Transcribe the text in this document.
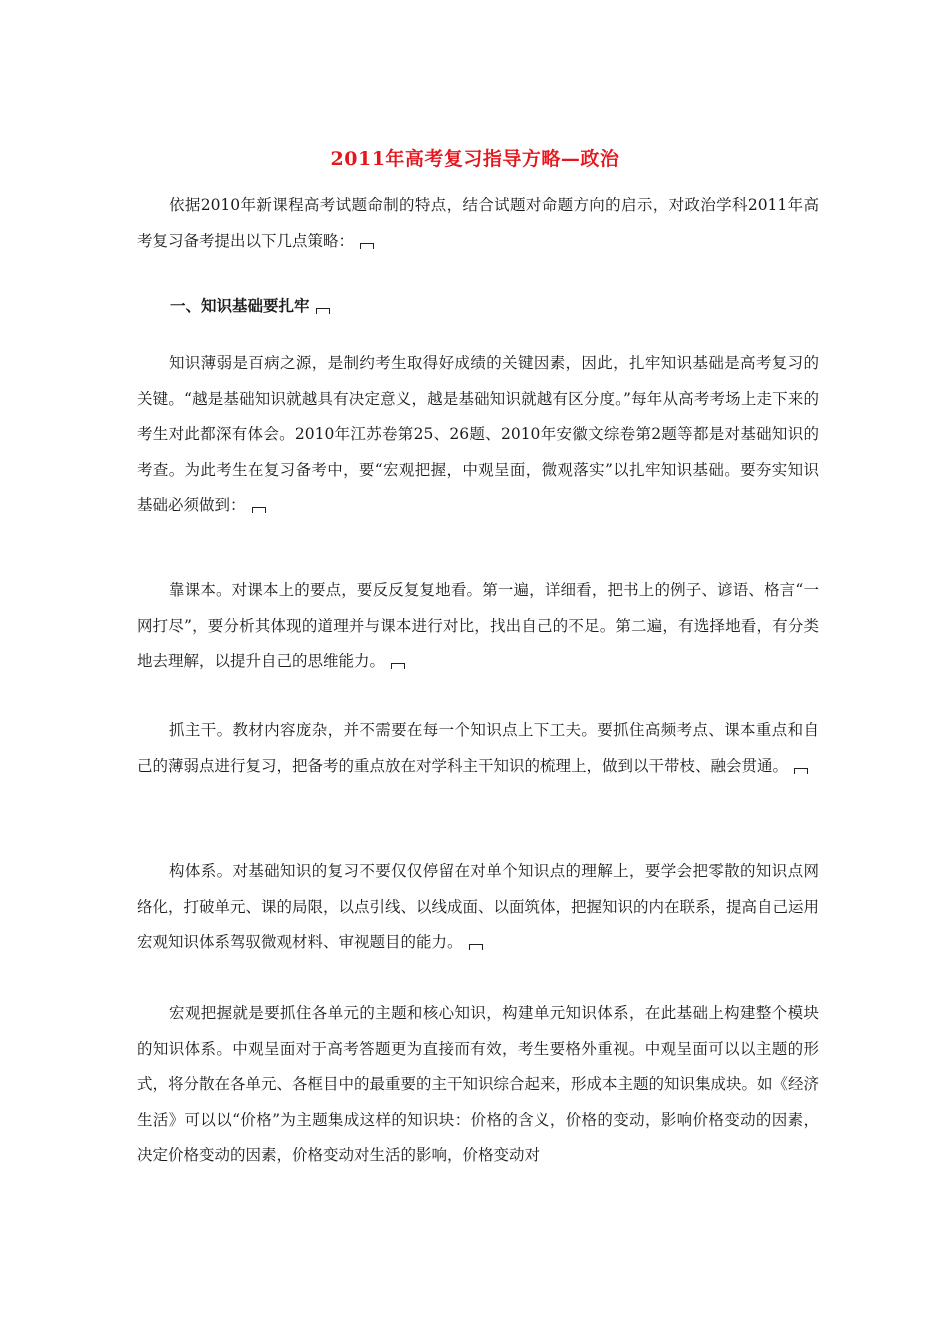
2011年高考复习指导方略—政治

依据2010年新课程高考试题命制的特点，结合试题对命题方向的启示，对政治学科2011年高考复习备考提出以下几点策略：

一、知识基础要扎牢

知识薄弱是百病之源，是制约考生取得好成绩的关键因素，因此，扎牢知识基础是高考复习的关键。“越是基础知识就越具有决定意义，越是基础知识就越有区分度。”每年从高考考场上走下来的考生对此都深有体会。2010年江苏卷第25、26题、2010年安徽文综卷第2题等都是对基础知识的考查。为此考生在复习备考中，要“宏观把握，中观呈面，微观落实”以扎牢知识基础。要夯实知识基础必须做到：

靠课本。对课本上的要点，要反反复复地看。第一遍，详细看，把书上的例子、谚语、格言“一网打尽”，要分析其体现的道理并与课本进行对比，找出自己的不足。第二遍，有选择地看，有分类地去理解，以提升自己的思维能力。

抓主干。教材内容庞杂，并不需要在每一个知识点上下工夫。要抓住高频考点、课本重点和自己的薄弱点进行复习，把备考的重点放在对学科主干知识的梳理上，做到以干带枝、融会贯通。

构体系。对基础知识的复习不要仅仅停留在对单个知识点的理解上，要学会把零散的知识点网络化，打破单元、课的局限，以点引线、以线成面、以面筑体，把握知识的内在联系，提高自己运用宏观知识体系驾驭微观材料、审视题目的能力。

宏观把握就是要抓住各单元的主题和核心知识，构建单元知识体系，在此基础上构建整个模块的知识体系。中观呈面对于高考答题更为直接而有效，考生要格外重视。中观呈面可以以主题的形式，将分散在各单元、各框目中的最重要的主干知识综合起来，形成本主题的知识集成块。如《经济生活》可以以“价格”为主题集成这样的知识块：价格的含义，价格的变动，影响价格变动的因素，决定价格变动的因素，价格变动对生活的影响，价格变动对
